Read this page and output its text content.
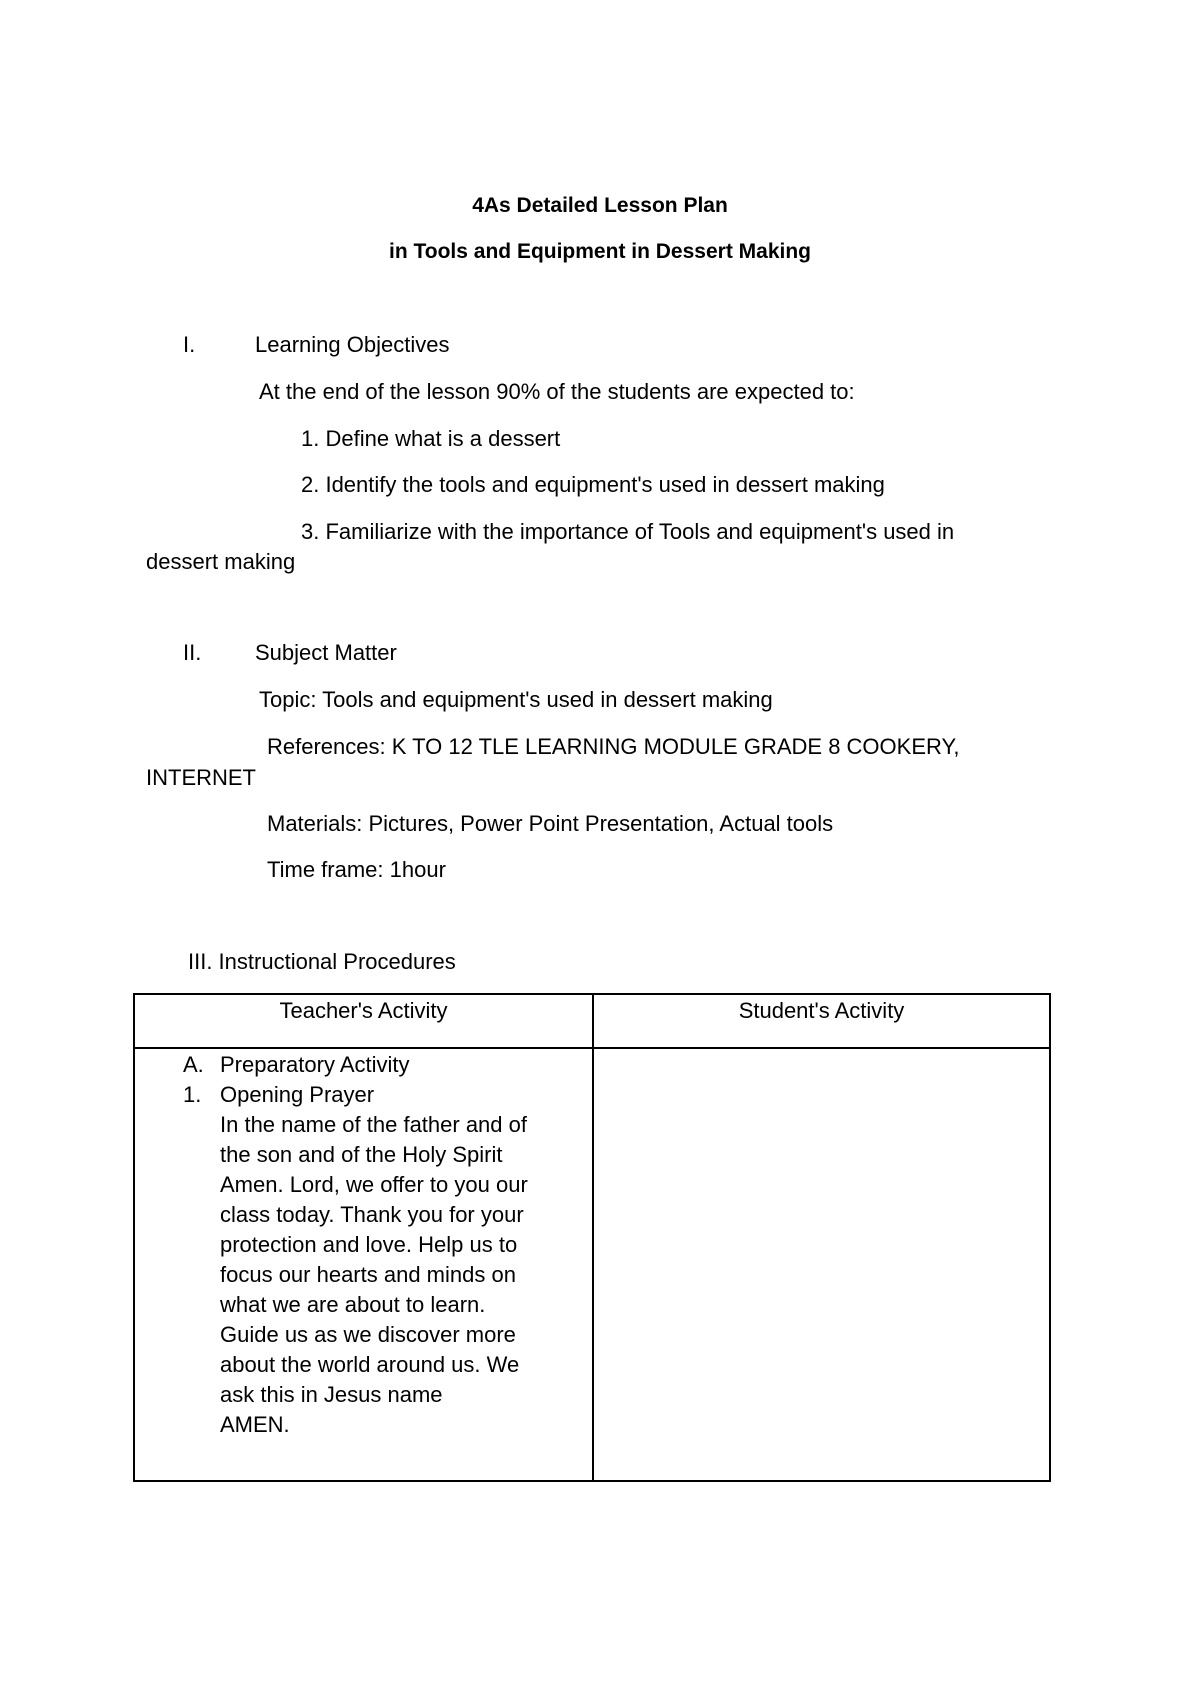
4As Detailed Lesson Plan
in Tools and Equipment in Dessert Making
I.	Learning Objectives
At the end of the lesson 90% of the students are expected to:
1. Define what is a dessert
2. Identify the tools and equipment's used in dessert making
3. Familiarize with the importance of Tools and equipment's used in
dessert making
II. Subject Matter
Topic: Tools and equipment's used in dessert making
References: K TO 12 TLE LEARNING MODULE GRADE 8 COOKERY,
INTERNET
Materials: Pictures, Power Point Presentation, Actual tools
Time frame: 1hour
III. Instructional Procedures
Teacher's Activity	Student's Activity
A. Preparatory Activity
1. Opening Prayer
In the name of the father and of
the son and of the Holy Spirit
Amen. Lord, we offer to you our
class today. Thank you for your
protection and love. Help us to
focus our hearts and minds on
what we are about to learn.
Guide us as we discover more
about the world around us. We
ask this in Jesus name
AMEN.
